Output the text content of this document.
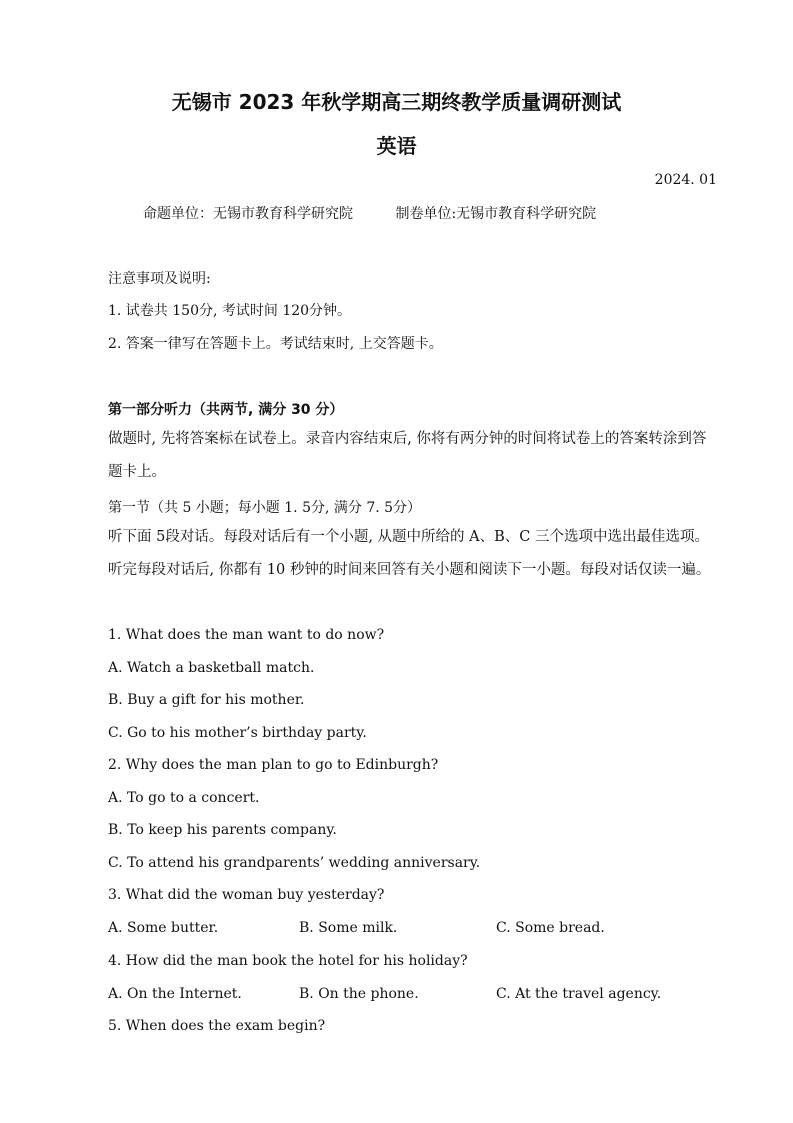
无锡市 2023 年秋学期高三期终教学质量调研测试
英语
2024. 01
命题单位：无锡市教育科学研究院	制卷单位:无锡市教育科学研究院
注意事项及说明:
1. 试卷共 150分, 考试时间 120分钟。
2. 答案一律写在答题卡上。考试结束时, 上交答题卡。
第一部分听力（共两节, 满分 30 分）
做题时, 先将答案标在试卷上。录音内容结束后, 你将有两分钟的时间将试卷上的答案转涂到答题卡上。
第一节（共 5 小题；每小题 1. 5分, 满分 7. 5分）
听下面 5段对话。每段对话后有一个小题, 从题中所给的 A、B、C 三个选项中选出最佳选项。听完每段对话后, 你都有 10 秒钟的时间来回答有关小题和阅读下一小题。每段对话仅读一遍。
1. What does the man want to do now?
A. Watch a basketball match.
B. Buy a gift for his mother.
C. Go to his mother’s birthday party.
2. Why does the man plan to go to Edinburgh?
A. To go to a concert.
B. To keep his parents company.
C. To attend his grandparents’ wedding anniversary.
3. What did the woman buy yesterday?
A. Some butter.	B. Some milk.	C. Some bread.
4. How did the man book the hotel for his holiday?
A. On the Internet.	B. On the phone.	C. At the travel agency.
5. When does the exam begin?
